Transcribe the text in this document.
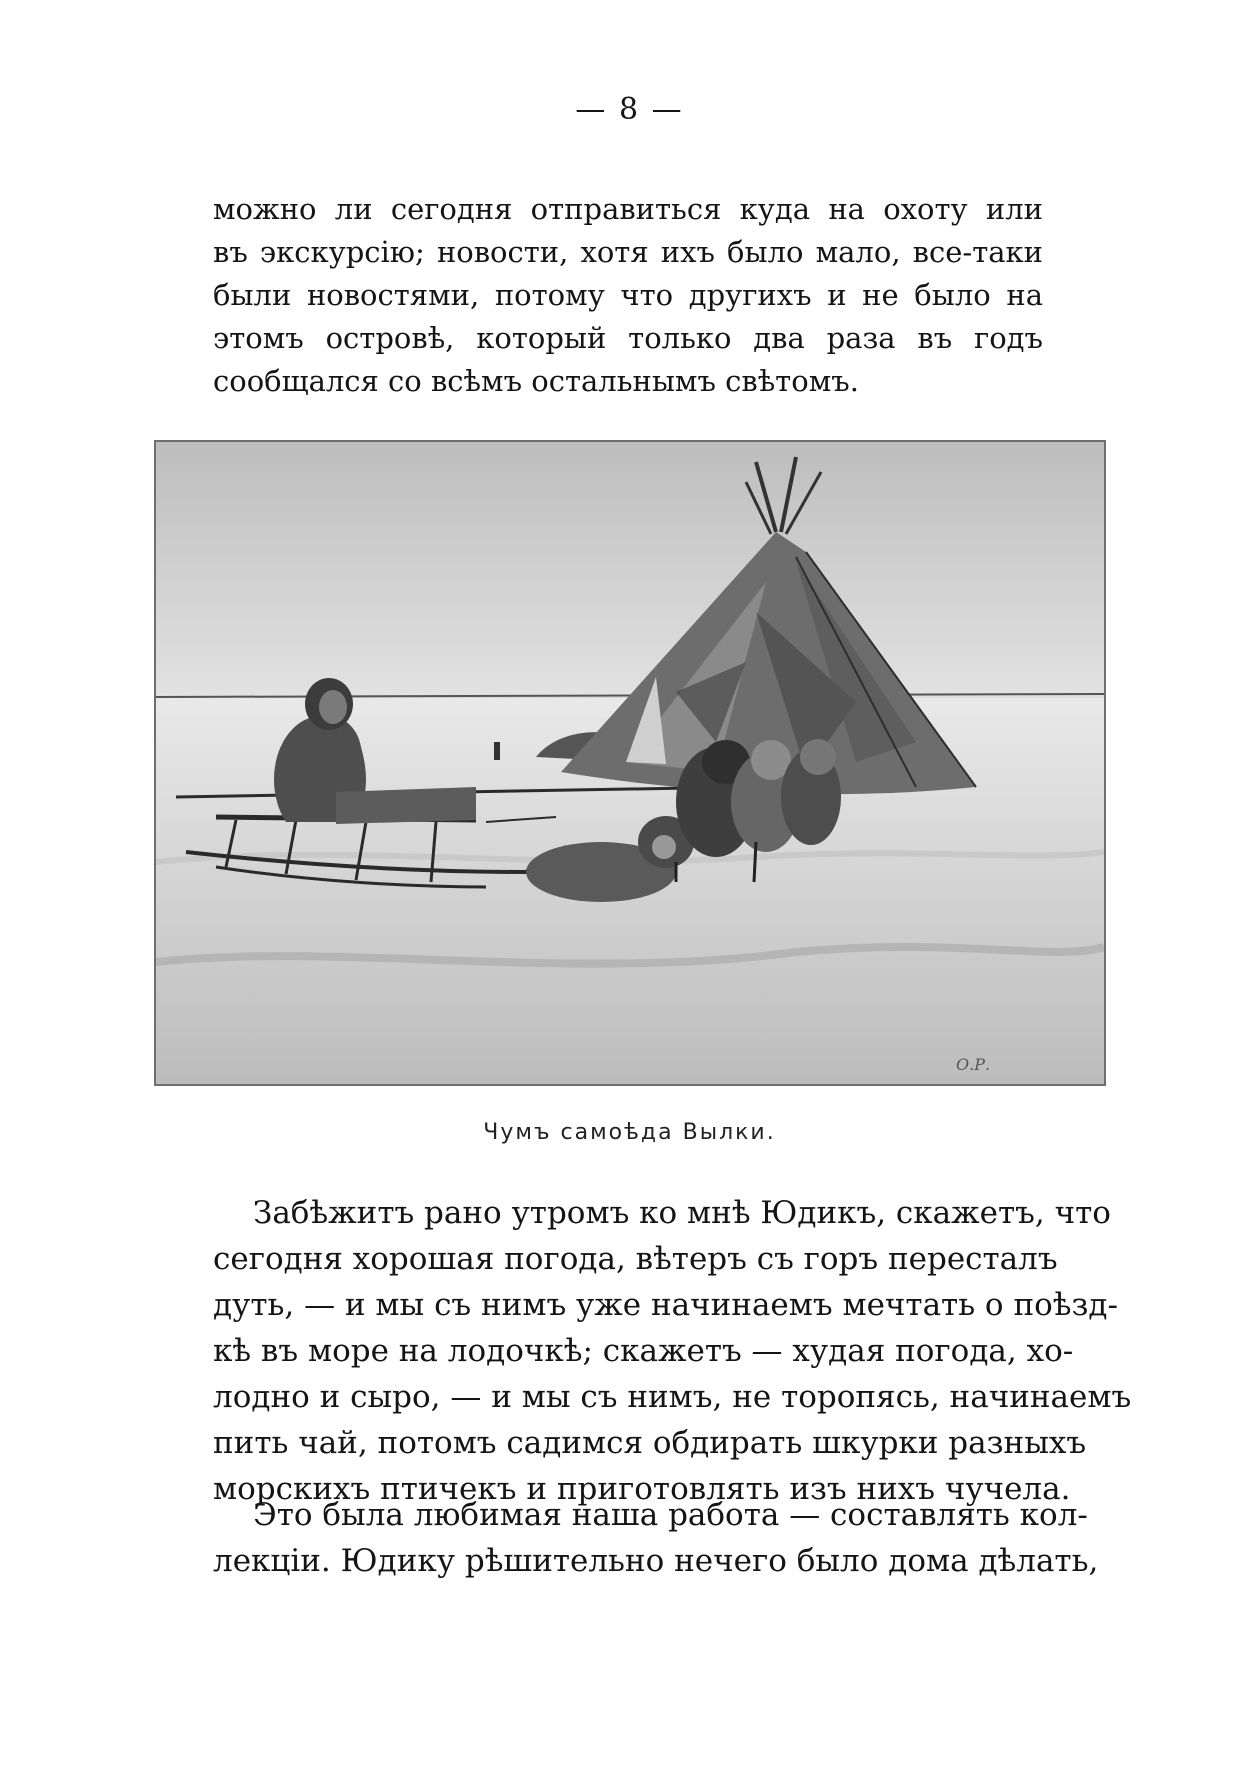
— 8 —
можно ли сегодня отправиться куда на охоту или
въ экскурсію; новости, хотя ихъ было мало, все-таки
были новостями, потому что другихъ и не было на
этомъ островѣ, который только два раза въ годъ
сообщался со всѣмъ остальнымъ свѣтомъ.
О.Р.
Чумъ самоѣда Вылки.
Забѣжитъ рано утромъ ко мнѣ Юдикъ, скажетъ, что
сегодня хорошая погода, вѣтеръ съ горъ пересталъ
дуть, — и мы съ нимъ уже начинаемъ мечтать о поѣзд-
кѣ въ море на лодочкѣ; скажетъ — худая погода, хо-
лодно и сыро, — и мы съ нимъ, не торопясь, начинаемъ
пить чай, потомъ садимся обдирать шкурки разныхъ
морскихъ птичекъ и приготовлять изъ нихъ чучела.
Это была любимая наша работа — составлять кол-
лекціи. Юдику рѣшительно нечего было дома дѣлать,
